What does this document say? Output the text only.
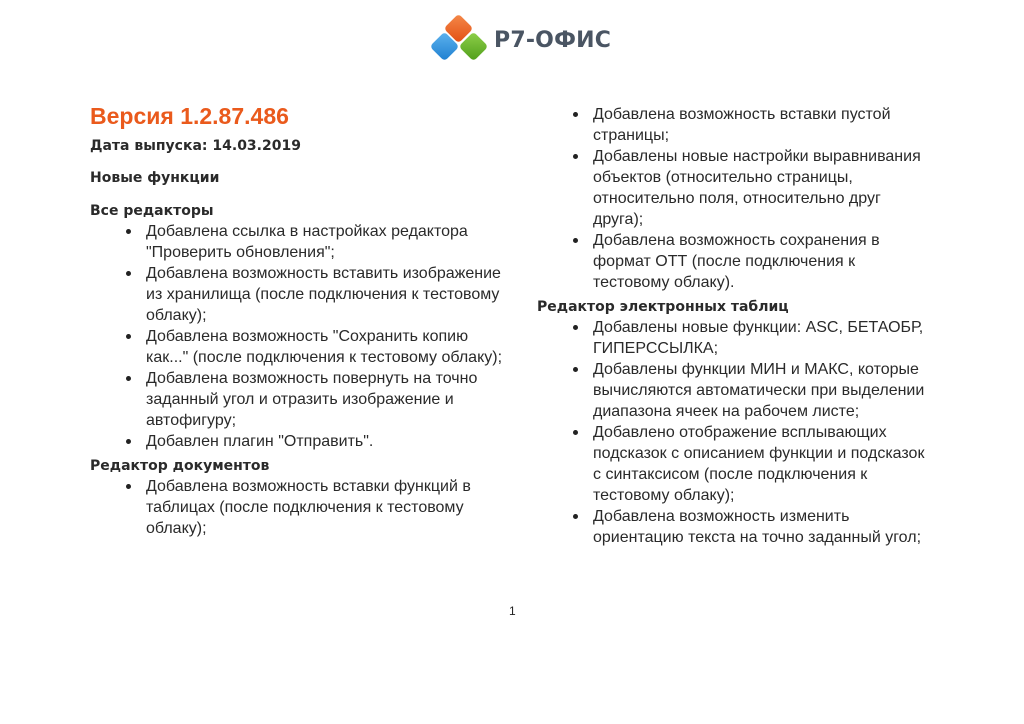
Р7-ОФИС
Версия 1.2.87.486
Дата выпуска: 14.03.2019
Новые функции
Все редакторы
Добавлена ссылка в настройках редактора "Проверить обновления";
Добавлена возможность вставить изображение из хранилища (после подключения к тестовому облаку);
Добавлена возможность "Сохранить копию как..." (после подключения к тестовому облаку);
Добавлена возможность повернуть на точно заданный угол и отразить изображение и автофигуру;
Добавлен плагин "Отправить".
Редактор документов
Добавлена возможность вставки функций в таблицах (после подключения к тестовому облаку);
Добавлена возможность вставки пустой страницы;
Добавлены новые настройки выравнивания объектов (относительно страницы, относительно поля, относительно друг друга);
Добавлена возможность сохранения в формат ОТТ (после подключения к тестовому облаку).
Редактор электронных таблиц
Добавлены новые функции: ASC, БЕТАОБР, ГИПЕРССЫЛКА;
Добавлены функции МИН и МАКС, которые вычисляются автоматически при выделении диапазона ячеек на рабочем листе;
Добавлено отображение всплывающих подсказок с описанием функции и подсказок с синтаксисом (после подключения к тестовому облаку);
Добавлена возможность изменить ориентацию текста на точно заданный угол;
1
